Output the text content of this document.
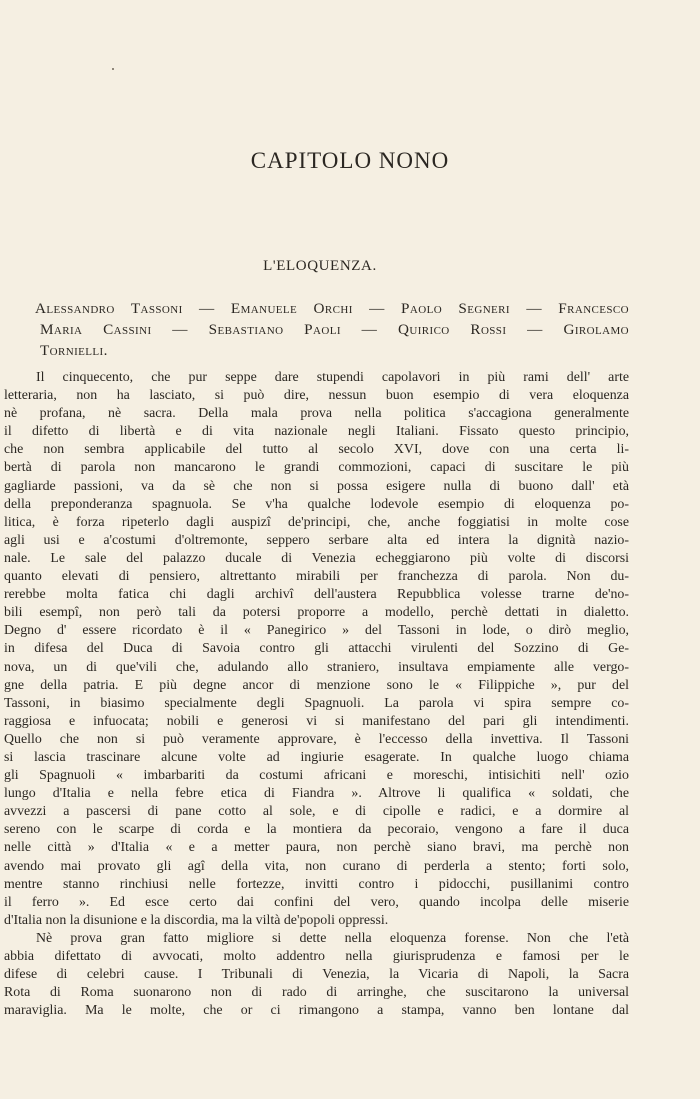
CAPITOLO NONO
L'ELOQUENZA.
Alessandro Tassoni — Emanuele Orchi — Paolo Segneri — Francesco
Maria Cassini — Sebastiano Paoli — Quirico Rossi — Girolamo
Tornielli.
Il cinquecento, che pur seppe dare stupendi capolavori in più rami dell' arte
letteraria, non ha lasciato, si può dire, nessun buon esempio di vera eloquenza
nè profana, nè sacra. Della mala prova nella politica s'accagiona generalmente
il difetto di libertà e di vita nazionale negli Italiani. Fissato questo principio,
che non sembra applicabile del tutto al secolo XVI, dove con una certa li-
bertà di parola non mancarono le grandi commozioni, capaci di suscitare le più
gagliarde passioni, va da sè che non si possa esigere nulla di buono dall' età
della preponderanza spagnuola. Se v'ha qualche lodevole esempio di eloquenza po-
litica, è forza ripeterlo dagli auspizî de'principi, che, anche foggiatisi in molte cose
agli usi e a'costumi d'oltremonte, seppero serbare alta ed intera la dignità nazio-
nale. Le sale del palazzo ducale di Venezia echeggiarono più volte di discorsi
quanto elevati di pensiero, altrettanto mirabili per franchezza di parola. Non du-
rerebbe molta fatica chi dagli archivî dell'austera Repubblica volesse trarne de'no-
bili esempî, non però tali da potersi proporre a modello, perchè dettati in dialetto.
Degno d' essere ricordato è il « Panegirico » del Tassoni in lode, o dirò meglio,
in difesa del Duca di Savoia contro gli attacchi virulenti del Sozzino di Ge-
nova, un di que'vili che, adulando allo straniero, insultava empiamente alle vergo-
gne della patria. E più degne ancor di menzione sono le « Filippiche », pur del
Tassoni, in biasimo specialmente degli Spagnuoli. La parola vi spira sempre co-
raggiosa e infuocata; nobili e generosi vi si manifestano del pari gli intendimenti.
Quello che non si può veramente approvare, è l'eccesso della invettiva. Il Tassoni
si lascia trascinare alcune volte ad ingiurie esagerate. In qualche luogo chiama
gli Spagnuoli « imbarbariti da costumi africani e moreschi, intisichiti nell' ozio
lungo d'Italia e nella febre etica di Fiandra ». Altrove li qualifica « soldati, che
avvezzi a pascersi di pane cotto al sole, e di cipolle e radici, e a dormire al
sereno con le scarpe di corda e la montiera da pecoraio, vengono a fare il duca
nelle città » d'Italia « e a metter paura, non perchè siano bravi, ma perchè non
avendo mai provato gli agî della vita, non curano di perderla a stento; forti solo,
mentre stanno rinchiusi nelle fortezze, invitti contro i pidocchi, pusillanimi contro
il ferro ». Ed esce certo dai confini del vero, quando incolpa delle miserie
d'Italia non la disunione e la discordia, ma la viltà de'popoli oppressi.
Nè prova gran fatto migliore si dette nella eloquenza forense. Non che l'età
abbia difettato di avvocati, molto addentro nella giurisprudenza e famosi per le
difese di celebri cause. I Tribunali di Venezia, la Vicaria di Napoli, la Sacra
Rota di Roma suonarono non di rado di arringhe, che suscitarono la universal
maraviglia. Ma le molte, che or ci rimangono a stampa, vanno ben lontane dal
